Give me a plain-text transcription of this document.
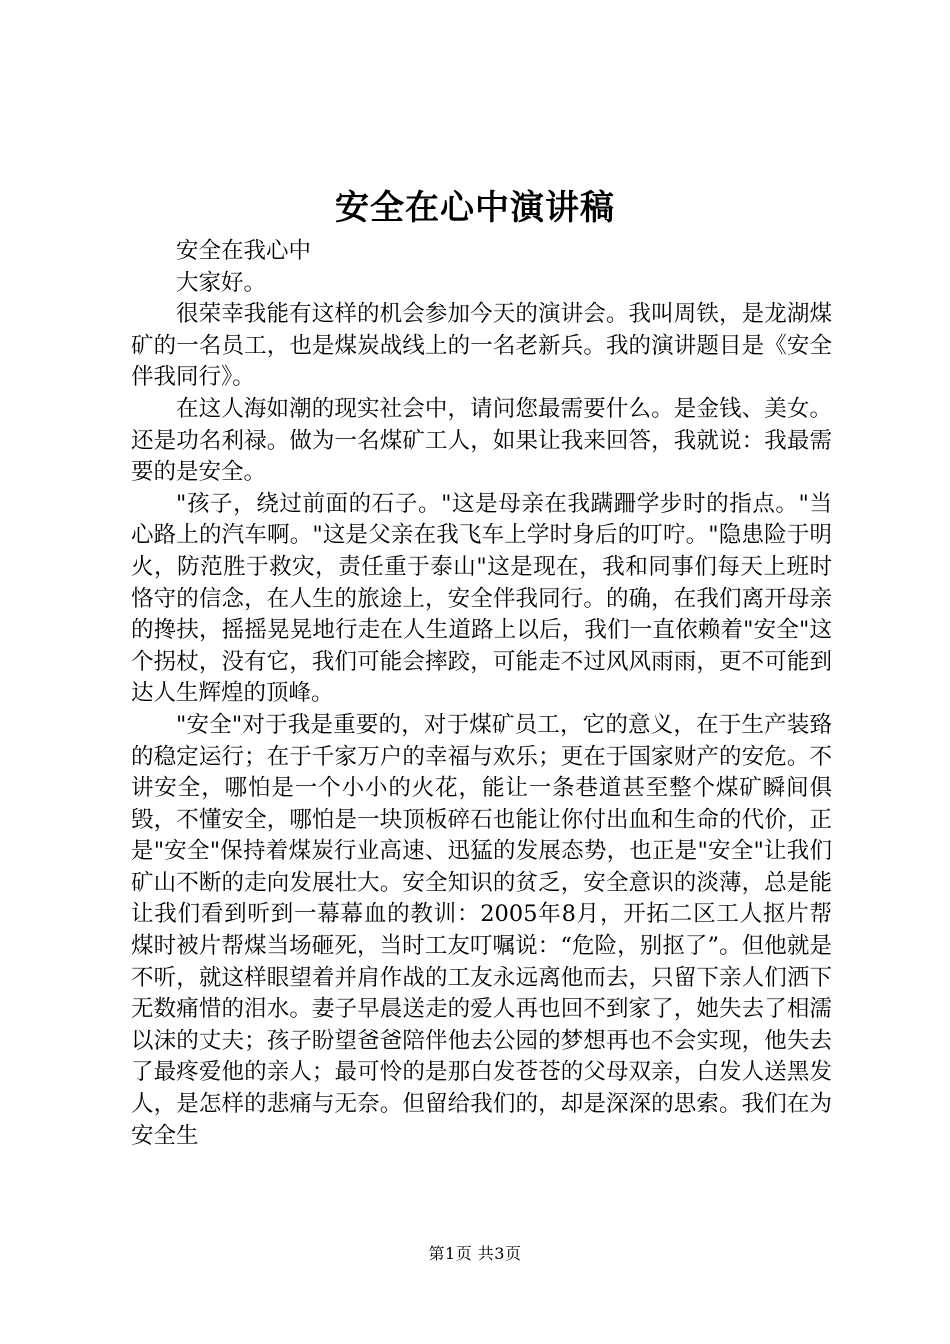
安全在心中演讲稿

安全在我心中

大家好。

很荣幸我能有这样的机会参加今天的演讲会。我叫周铁，是龙湖煤矿的一名员工，也是煤炭战线上的一名老新兵。我的演讲题目是《安全伴我同行》。

在这人海如潮的现实社会中，请问您最需要什么。是金钱、美女。还是功名利禄。做为一名煤矿工人，如果让我来回答，我就说：我最需要的是安全。

"孩子，绕过前面的石子。"这是母亲在我蹒跚学步时的指点。"当心路上的汽车啊。"这是父亲在我飞车上学时身后的叮咛。"隐患险于明火，防范胜于救灾，责任重于泰山"这是现在，我和同事们每天上班时恪守的信念，在人生的旅途上，安全伴我同行。的确，在我们离开母亲的搀扶，摇摇晃晃地行走在人生道路上以后，我们一直依赖着"安全"这个拐杖，没有它，我们可能会摔跤，可能走不过风风雨雨，更不可能到达人生辉煌的顶峰。

"安全"对于我是重要的，对于煤矿员工，它的意义，在于生产装臵的稳定运行；在于千家万户的幸福与欢乐；更在于国家财产的安危。不讲安全，哪怕是一个小小的火花，能让一条巷道甚至整个煤矿瞬间俱毁，不懂安全，哪怕是一块顶板碎石也能让你付出血和生命的代价，正是"安全"保持着煤炭行业高速、迅猛的发展态势，也正是"安全"让我们矿山不断的走向发展壮大。安全知识的贫乏，安全意识的淡薄，总是能让我们看到听到一幕幕血的教训：2005年8月，开拓二区工人抠片帮煤时被片帮煤当场砸死，当时工友叮嘱说：“危险，别抠了”。但他就是不听，就这样眼望着并肩作战的工友永远离他而去，只留下亲人们洒下无数痛惜的泪水。妻子早晨送走的爱人再也回不到家了，她失去了相濡以沫的丈夫；孩子盼望爸爸陪伴他去公园的梦想再也不会实现，他失去了最疼爱他的亲人；最可怜的是那白发苍苍的父母双亲，白发人送黑发人，是怎样的悲痛与无奈。但留给我们的，却是深深的思索。我们在为安全生

第1页 共3页
